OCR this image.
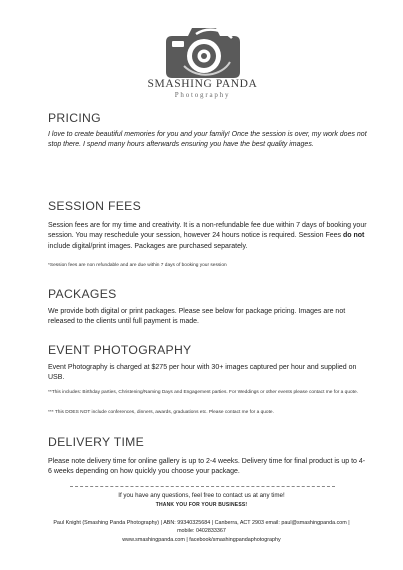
SMASHING PANDA
Photography
PRICING

I love to create beautiful memories for you and your family! Once the session is over, my work does not stop there. I spend many hours afterwards ensuring you have the best quality images.

SESSION FEES

Session fees are for my time and creativity. It is a non-refundable fee due within 7 days of booking your session. You may reschedule your session, however 24 hours notice is required. Session Fees do not include digital/print images. Packages are purchased separately.

*Session fees are non refundable and are due within 7 days of booking your session

PACKAGES

We provide both digital or print packages. Please see below for package pricing. Images are not released to the clients until full payment is made.

EVENT PHOTOGRAPHY

Event Photography is charged at $275 per hour with 30+ images captured per hour and supplied on USB.

**This includes: Birthday parties, Christening/Naming Days and Engagement parties. For Weddings or other events please contact me for a quote.

*** This DOES NOT include conferences, dinners, awards, graduations etc. Please contact me for a quote.

DELIVERY TIME

Please note delivery time for online gallery is up to 2-4 weeks. Delivery time for final product is up to 4-6 weeks depending on how quickly you choose your package.

If you have any questions, feel free to contact us at any time!
THANK YOU FOR YOUR BUSINESS!
Paul Knight (Smashing Panda Photography) | ABN: 99340325684 | Canberra, ACT 2903 email: paul@smashingpanda.com | mobile: 0402833367
www.smashingpanda.com | facebook/smashingpandaphotography
